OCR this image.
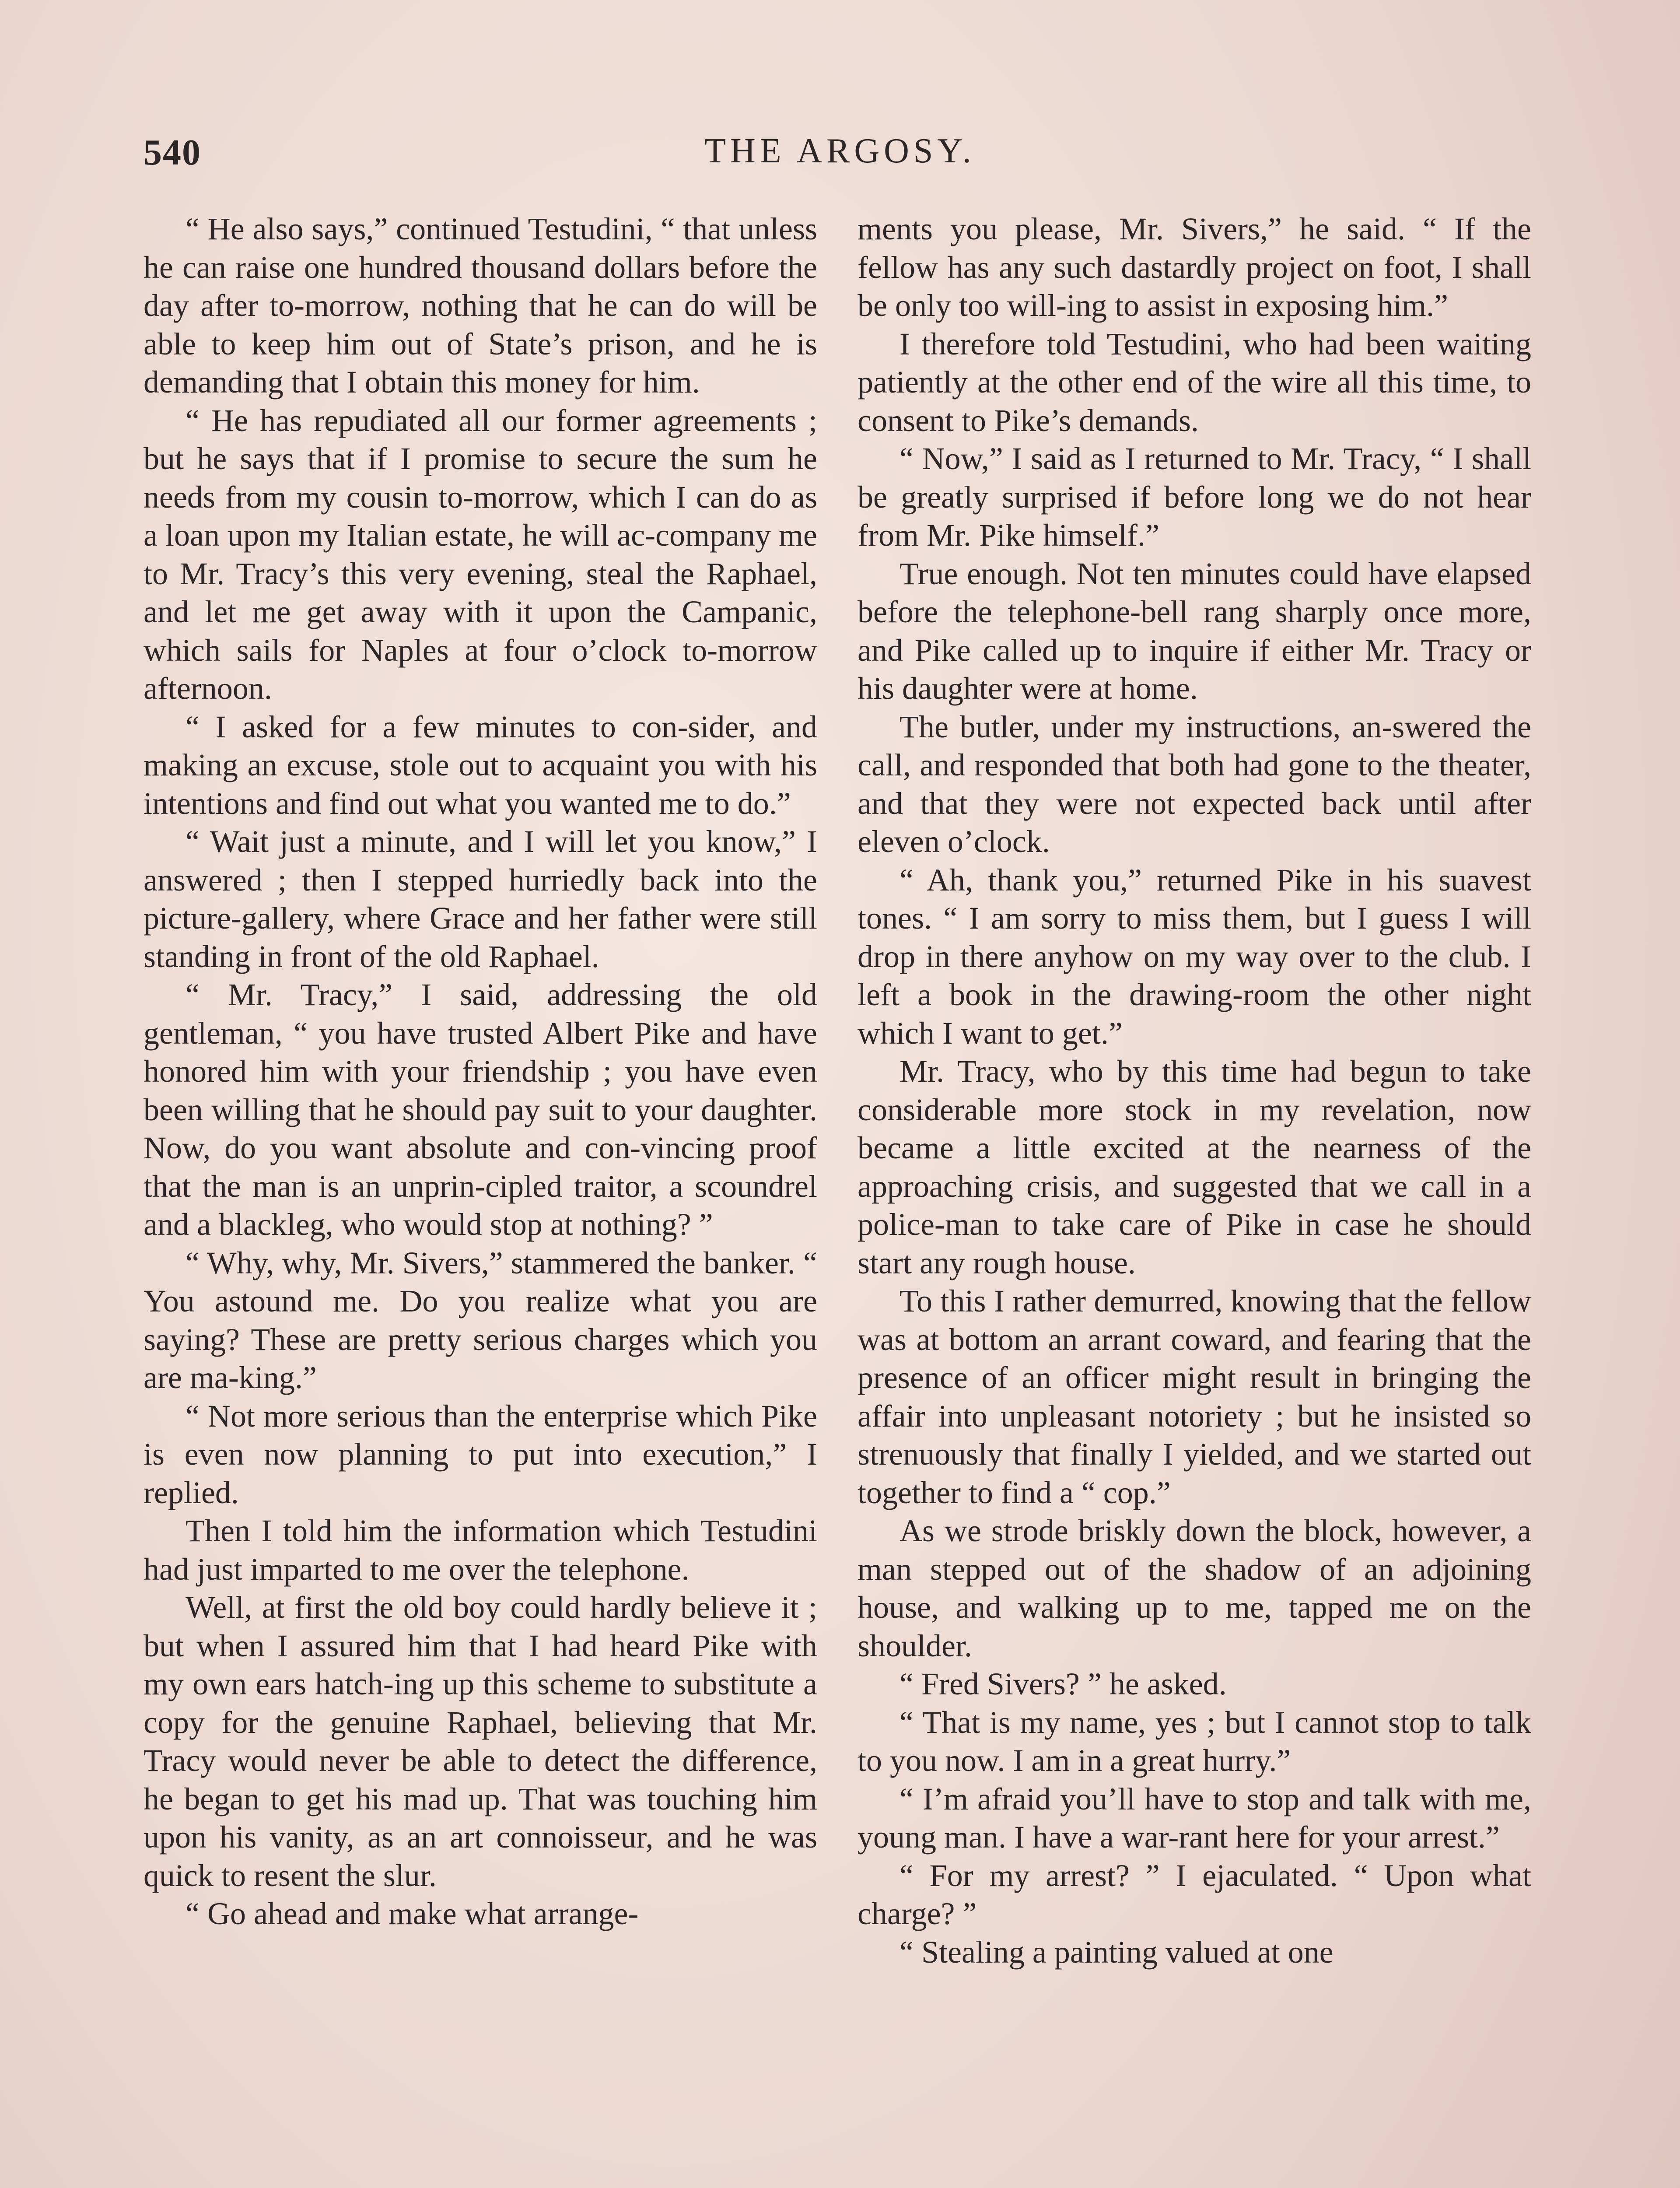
540	THE ARGOSY.

“ He also says,” continued Testudini, “ that unless he can raise one hundred thousand dollars before the day after to-morrow, nothing that he can do will be able to keep him out of State’s prison, and he is demanding that I obtain this money for him.

“ He has repudiated all our former agreements ; but he says that if I promise to secure the sum he needs from my cousin to-morrow, which I can do as a loan upon my Italian estate, he will ac-company me to Mr. Tracy’s this very evening, steal the Raphael, and let me get away with it upon the Campanic, which sails for Naples at four o’clock to-morrow afternoon.

“ I asked for a few minutes to con-sider, and making an excuse, stole out to acquaint you with his intentions and find out what you wanted me to do.”

“ Wait just a minute, and I will let you know,” I answered ; then I stepped hurriedly back into the picture-gallery, where Grace and her father were still standing in front of the old Raphael.

“ Mr. Tracy,” I said, addressing the old gentleman, “ you have trusted Albert Pike and have honored him with your friendship ; you have even been willing that he should pay suit to your daughter. Now, do you want absolute and con-vincing proof that the man is an unprin-cipled traitor, a scoundrel and a blackleg, who would stop at nothing? ”

“ Why, why, Mr. Sivers,” stammered the banker. “ You astound me. Do you realize what you are saying? These are pretty serious charges which you are ma-king.”

“ Not more serious than the enterprise which Pike is even now planning to put into execution,” I replied.

Then I told him the information which Testudini had just imparted to me over the telephone.

Well, at first the old boy could hardly believe it ; but when I assured him that I had heard Pike with my own ears hatch-ing up this scheme to substitute a copy for the genuine Raphael, believing that Mr. Tracy would never be able to detect the difference, he began to get his mad up. That was touching him upon his vanity, as an art connoisseur, and he was quick to resent the slur.

“ Go ahead and make what arrange-

ments you please, Mr. Sivers,” he said. “ If the fellow has any such dastardly project on foot, I shall be only too will-ing to assist in exposing him.”

I therefore told Testudini, who had been waiting patiently at the other end of the wire all this time, to consent to Pike’s demands.

“ Now,” I said as I returned to Mr. Tracy, “ I shall be greatly surprised if before long we do not hear from Mr. Pike himself.”

True enough. Not ten minutes could have elapsed before the telephone-bell rang sharply once more, and Pike called up to inquire if either Mr. Tracy or his daughter were at home.

The butler, under my instructions, an-swered the call, and responded that both had gone to the theater, and that they were not expected back until after eleven o’clock.

“ Ah, thank you,” returned Pike in his suavest tones. “ I am sorry to miss them, but I guess I will drop in there anyhow on my way over to the club. I left a book in the drawing-room the other night which I want to get.”

Mr. Tracy, who by this time had begun to take considerable more stock in my revelation, now became a little excited at the nearness of the approaching crisis, and suggested that we call in a police-man to take care of Pike in case he should start any rough house.

To this I rather demurred, knowing that the fellow was at bottom an arrant coward, and fearing that the presence of an officer might result in bringing the affair into unpleasant notoriety ; but he insisted so strenuously that finally I yielded, and we started out together to find a “ cop.”

As we strode briskly down the block, however, a man stepped out of the shadow of an adjoining house, and walking up to me, tapped me on the shoulder.

“ Fred Sivers? ” he asked.

“ That is my name, yes ; but I cannot stop to talk to you now. I am in a great hurry.”

“ I’m afraid you’ll have to stop and talk with me, young man. I have a war-rant here for your arrest.”

“ For my arrest? ” I ejaculated. “ Upon what charge? ”

“ Stealing a painting valued at one
